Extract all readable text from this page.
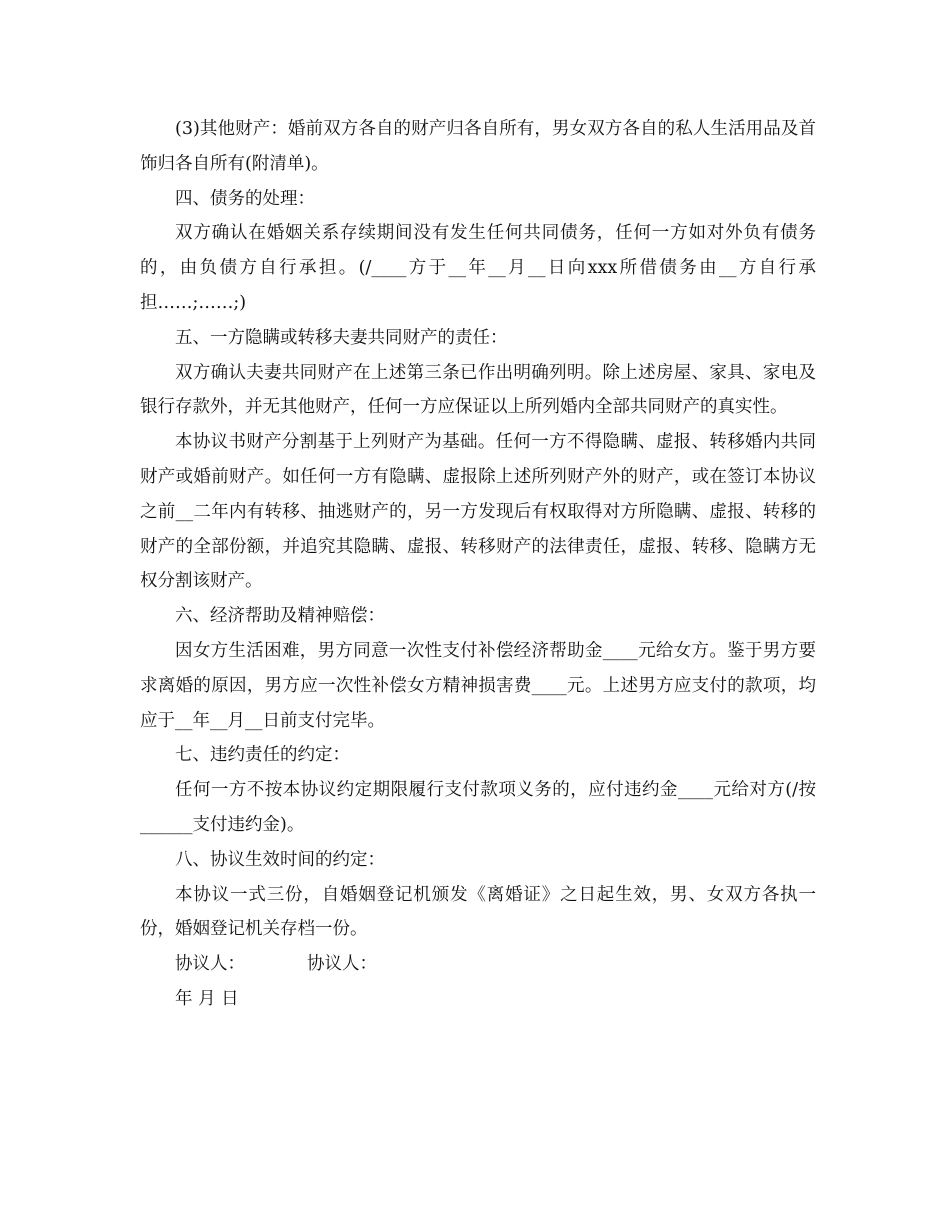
(3)其他财产：婚前双方各自的财产归各自所有，男女双方各自的私人生活用品及首饰归各自所有(附清单)。

四、债务的处理：

双方确认在婚姻关系存续期间没有发生任何共同债务，任何一方如对外负有债务的，由负债方自行承担。(/____方于__年__月__日向xxx所借债务由__方自行承担……;……;)

五、一方隐瞒或转移夫妻共同财产的责任：

双方确认夫妻共同财产在上述第三条已作出明确列明。除上述房屋、家具、家电及银行存款外，并无其他财产，任何一方应保证以上所列婚内全部共同财产的真实性。

本协议书财产分割基于上列财产为基础。任何一方不得隐瞒、虚报、转移婚内共同财产或婚前财产。如任何一方有隐瞒、虚报除上述所列财产外的财产，或在签订本协议之前__二年内有转移、抽逃财产的，另一方发现后有权取得对方所隐瞒、虚报、转移的财产的全部份额，并追究其隐瞒、虚报、转移财产的法律责任，虚报、转移、隐瞒方无权分割该财产。

六、经济帮助及精神赔偿：

因女方生活困难，男方同意一次性支付补偿经济帮助金____元给女方。鉴于男方要求离婚的原因，男方应一次性补偿女方精神损害费____元。上述男方应支付的款项，均应于__年__月__日前支付完毕。

七、违约责任的约定：

任何一方不按本协议约定期限履行支付款项义务的，应付违约金____元给对方(/按______支付违约金)。

八、协议生效时间的约定：

本协议一式三份，自婚姻登记机颁发《离婚证》之日起生效，男、女双方各执一份，婚姻登记机关存档一份。

协议人：	协议人：

年 月 日
